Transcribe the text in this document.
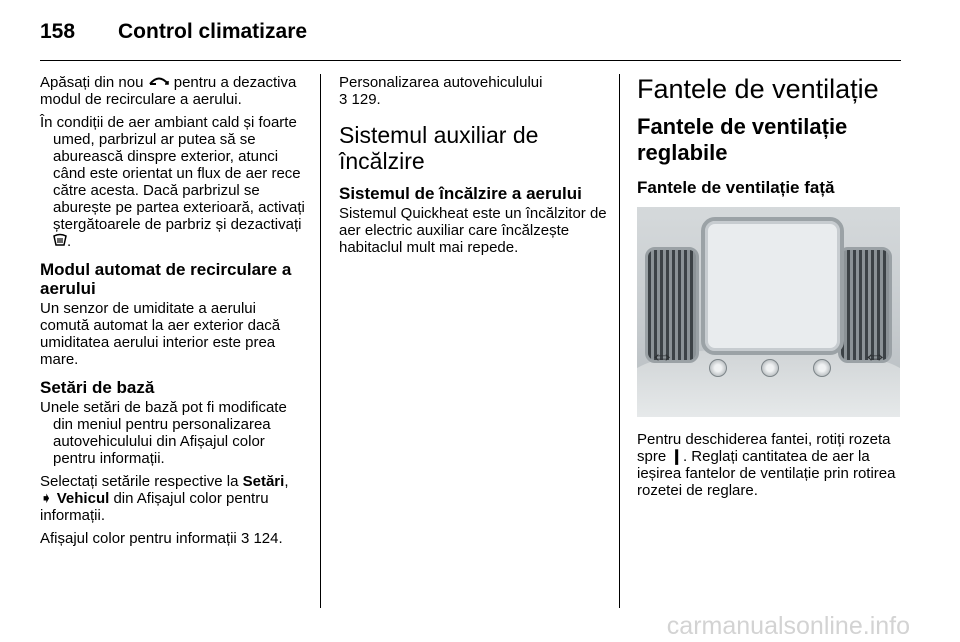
158 Control climatizare

Apăsați din nou  pentru a dezactiva modul de recirculare a aerului.

În condiții de aer ambiant cald și foarte umed, parbrizul ar putea să se aburească dinspre exterior, atunci când este orientat un flux de aer rece către acesta. Dacă parbrizul se aburește pe partea exterioară, activați ștergătoarele de parbriz și dezactivați .

Modul automat de recirculare a aerului

Un senzor de umiditate a aerului comută automat la aer exterior dacă umiditatea aerului interior este prea mare.

Setări de bază

Unele setări de bază pot fi modificate din meniul pentru personalizarea autovehiculului din Afișajul color pentru informații.

Selectați setările respective la Setări,
➧ Vehicul din Afișajul color pentru informații.

Afișajul color pentru informații 3 124.

Personalizarea autovehiculului
3 129.

Sistemul auxiliar de încălzire
Sistemul de încălzire a aerului

Sistemul Quickheat este un încălzitor de aer electric auxiliar care încălzește habitaclul mult mai repede.

Fantele de ventilație
Fantele de ventilație reglabile
Fantele de ventilație față
⇔	⇔

Pentru deschiderea fantei, rotiți rozeta spre ❙. Reglați cantitatea de aer la ieșirea fantelor de ventilație prin rotirea rozetei de reglare.

carmanualsonline.info
